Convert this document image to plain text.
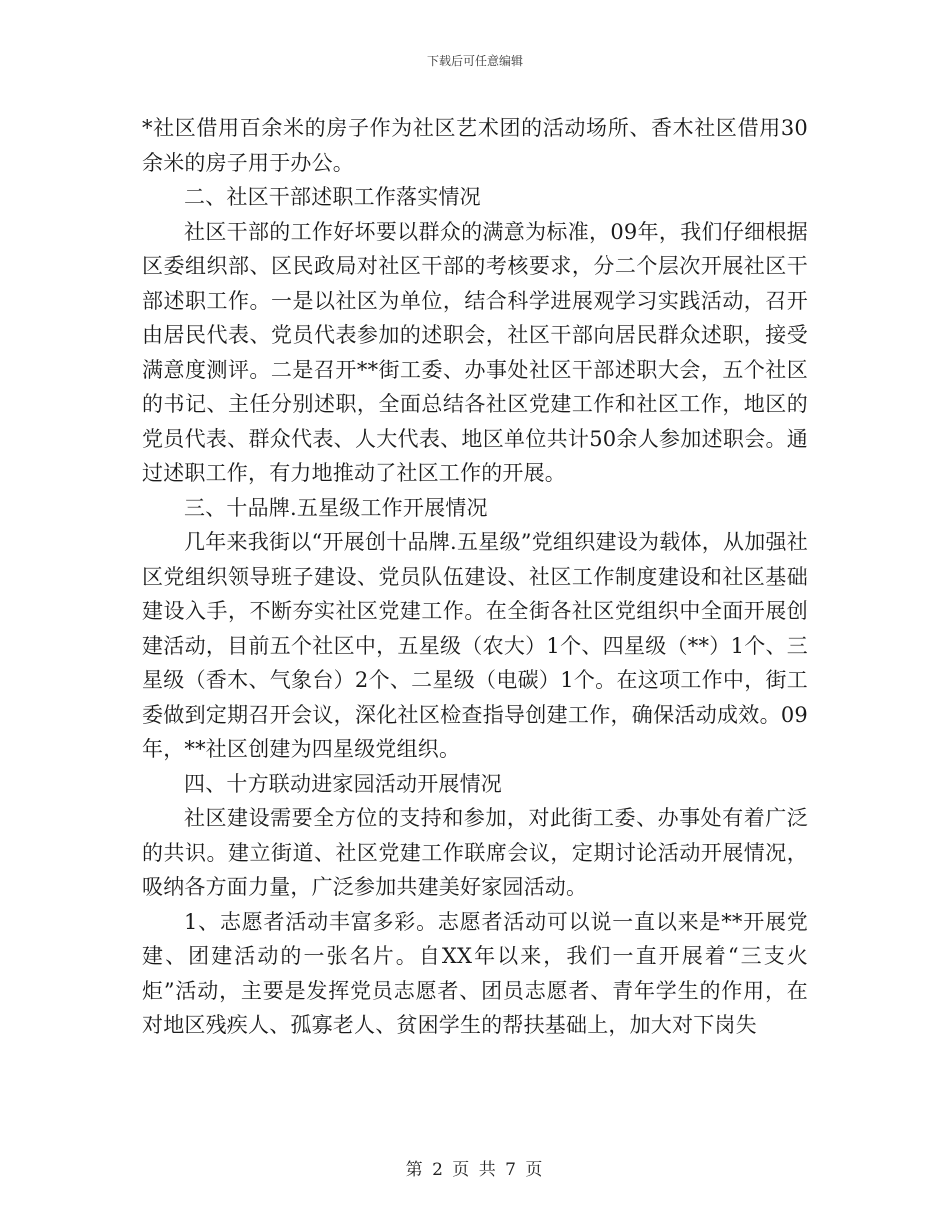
下载后可任意编辑

*社区借用百余米的房子作为社区艺术团的活动场所、香木社区借用30余米的房子用于办公。

二、社区干部述职工作落实情况

社区干部的工作好坏要以群众的满意为标准，09年，我们仔细根据区委组织部、区民政局对社区干部的考核要求，分二个层次开展社区干部述职工作。一是以社区为单位，结合科学进展观学习实践活动，召开由居民代表、党员代表参加的述职会，社区干部向居民群众述职，接受满意度测评。二是召开**街工委、办事处社区干部述职大会，五个社区的书记、主任分别述职，全面总结各社区党建工作和社区工作，地区的党员代表、群众代表、人大代表、地区单位共计50余人参加述职会。通过述职工作，有力地推动了社区工作的开展。

三、十品牌.五星级工作开展情况

几年来我街以“开展创十品牌.五星级”党组织建设为载体，从加强社区党组织领导班子建设、党员队伍建设、社区工作制度建设和社区基础建设入手，不断夯实社区党建工作。在全街各社区党组织中全面开展创建活动，目前五个社区中，五星级（农大）1个、四星级（**）1个、三星级（香木、气象台）2个、二星级（电碳）1个。在这项工作中，街工委做到定期召开会议，深化社区检查指导创建工作，确保活动成效。09年，**社区创建为四星级党组织。

四、十方联动进家园活动开展情况

社区建设需要全方位的支持和参加，对此街工委、办事处有着广泛的共识。建立街道、社区党建工作联席会议，定期讨论活动开展情况，吸纳各方面力量，广泛参加共建美好家园活动。

1、志愿者活动丰富多彩。志愿者活动可以说一直以来是**开展党建、团建活动的一张名片。自XX年以来，我们一直开展着“三支火炬”活动，主要是发挥党员志愿者、团员志愿者、青年学生的作用，在对地区残疾人、孤寡老人、贫困学生的帮扶基础上，加大对下岗失

第 2 页 共 7 页
